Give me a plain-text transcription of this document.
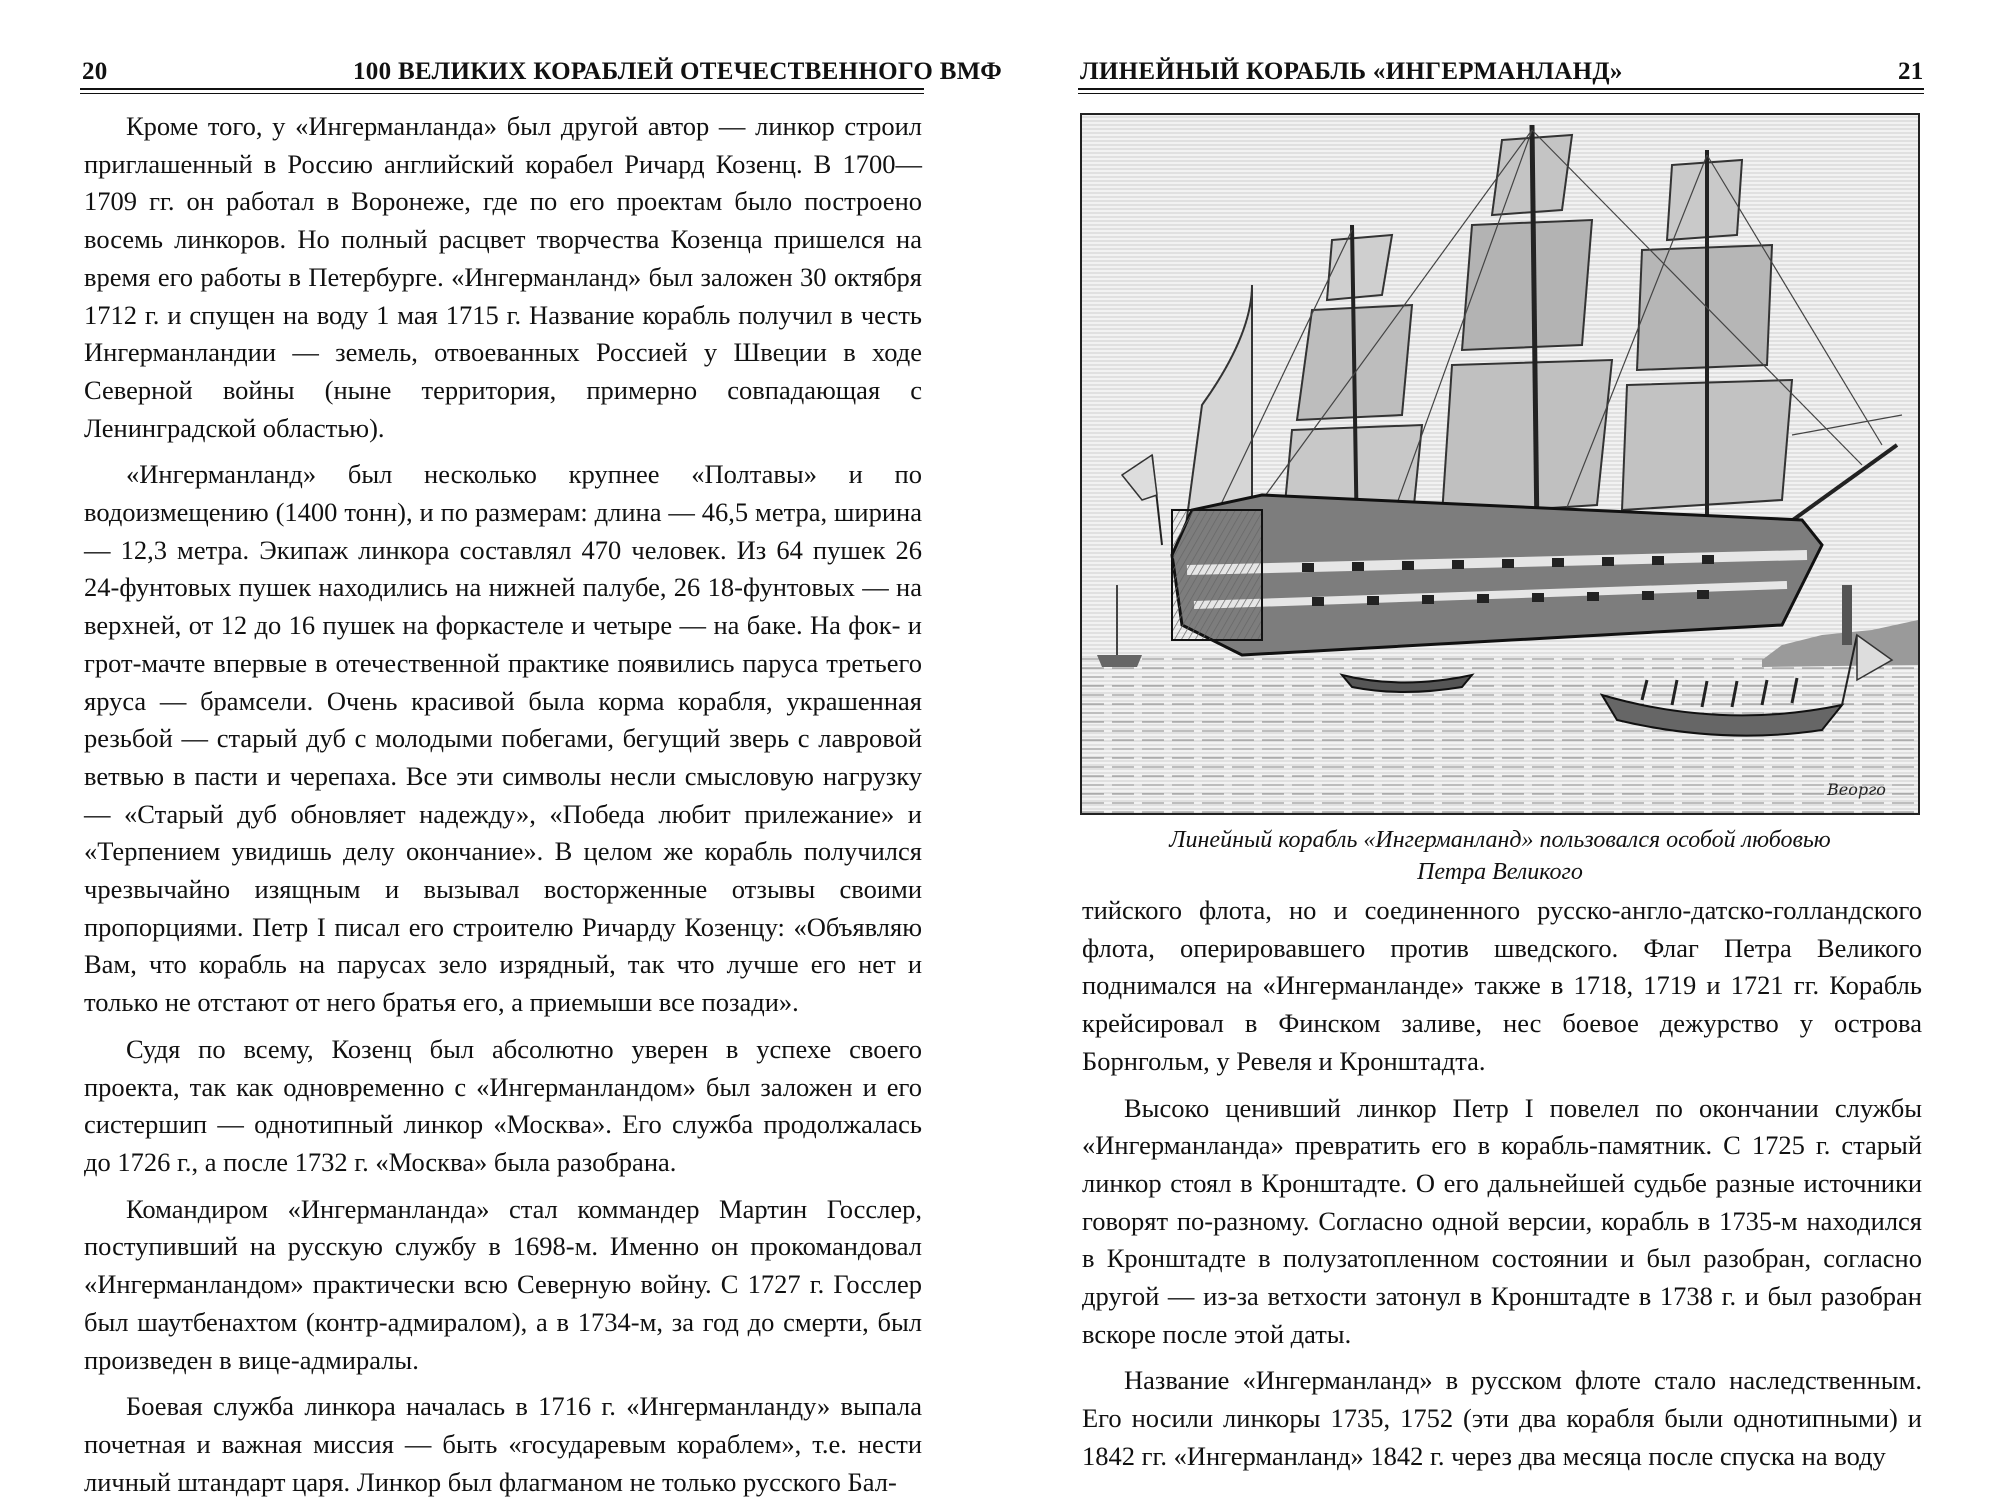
20	100 ВЕЛИКИХ КОРАБЛЕЙ ОТЕЧЕСТВЕННОГО ВМФ

Кроме того, у «Ингерманланда» был другой автор — линкор строил приглашенный в Россию английский корабел Ричард Козенц. В 1700—1709 гг. он работал в Воронеже, где по его проектам было построено восемь линкоров. Но полный расцвет творчества Козенца пришелся на время его работы в Петербурге. «Ингерманланд» был заложен 30 октября 1712 г. и спущен на воду 1 мая 1715 г. Название корабль получил в честь Ингерманландии — земель, отвоеванных Россией у Швеции в ходе Северной войны (ныне территория, примерно совпадающая с Ленинградской областью).

«Ингерманланд» был несколько крупнее «Полтавы» и по водоизмещению (1400 тонн), и по размерам: длина — 46,5 метра, ширина — 12,3 метра. Экипаж линкора составлял 470 человек. Из 64 пушек 26 24-фунтовых пушек находились на нижней палубе, 26 18-фунтовых — на верхней, от 12 до 16 пушек на форкастеле и четыре — на баке. На фок- и грот-мачте впервые в отечественной практике появились паруса третьего яруса — брамсели. Очень красивой была корма корабля, украшенная резьбой — старый дуб с молодыми побегами, бегущий зверь с лавровой ветвью в пасти и черепаха. Все эти символы несли смысловую нагрузку — «Старый дуб обновляет надежду», «Победа любит прилежание» и «Терпением увидишь делу окончание». В целом же корабль получился чрезвычайно изящным и вызывал восторженные отзывы своими пропорциями. Петр I писал его строителю Ричарду Козенцу: «Объявляю Вам, что корабль на парусах зело изрядный, так что лучше его нет и только не отстают от него братья его, а приемыши все позади».

Судя по всему, Козенц был абсолютно уверен в успехе своего проекта, так как одновременно с «Ингерманландом» был заложен и его систершип — однотипный линкор «Москва». Его служба продолжалась до 1726 г., а после 1732 г. «Москва» была разобрана.

Командиром «Ингерманланда» стал коммандер Мартин Госслер, поступивший на русскую службу в 1698-м. Именно он прокомандовал «Ингерманландом» практически всю Северную войну. С 1727 г. Госслер был шаутбенахтом (контр-адмиралом), а в 1734-м, за год до смерти, был произведен в вице-адмиралы.

Боевая служба линкора началась в 1716 г. «Ингерманланду» выпала почетная и важная миссия — быть «государевым кораблем», т.е. нести личный штандарт царя. Линкор был флагманом не только русского Бал-

ЛИНЕЙНЫЙ КОРАБЛЬ «ИНГЕРМАНЛАНД»	21
Веорго
Линейный корабль «Ингерманланд» пользовался особой любовью
Петра Великого

тийского флота, но и соединенного русско-англо-датско-голландского флота, оперировавшего против шведского. Флаг Петра Великого поднимался на «Ингерманланде» также в 1718, 1719 и 1721 гг. Корабль крейсировал в Финском заливе, нес боевое дежурство у острова Борнгольм, у Ревеля и Кронштадта.

Высоко ценивший линкор Петр I повелел по окончании службы «Ингерманланда» превратить его в корабль-памятник. С 1725 г. старый линкор стоял в Кронштадте. О его дальнейшей судьбе разные источники говорят по-разному. Согласно одной версии, корабль в 1735-м находился в Кронштадте в полузатопленном состоянии и был разобран, согласно другой — из-за ветхости затонул в Кронштадте в 1738 г. и был разобран вскоре после этой даты.

Название «Ингерманланд» в русском флоте стало наследственным. Его носили линкоры 1735, 1752 (эти два корабля были однотипными) и 1842 гг. «Ингерманланд» 1842 г. через два месяца после спуска на воду
